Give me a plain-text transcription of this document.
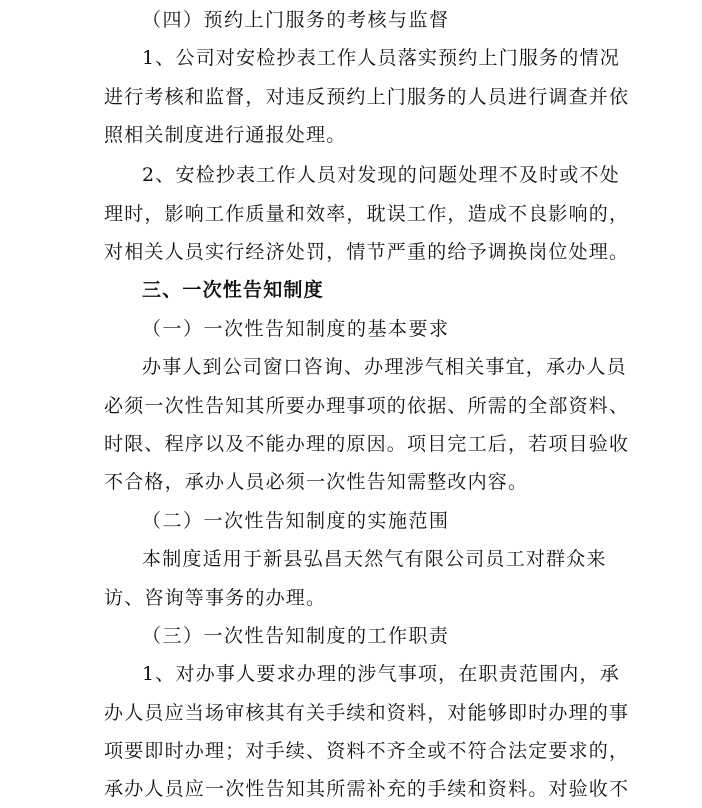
（四）预约上门服务的考核与监督
1、公司对安检抄表工作人员落实预约上门服务的情况
进行考核和监督，对违反预约上门服务的人员进行调查并依
照相关制度进行通报处理。
2、安检抄表工作人员对发现的问题处理不及时或不处
理时，影响工作质量和效率，耽误工作，造成不良影响的，
对相关人员实行经济处罚，情节严重的给予调换岗位处理。
三、一次性告知制度
（一）一次性告知制度的基本要求
办事人到公司窗口咨询、办理涉气相关事宜，承办人员
必须一次性告知其所要办理事项的依据、所需的全部资料、
时限、程序以及不能办理的原因。项目完工后，若项目验收
不合格，承办人员必须一次性告知需整改内容。
（二）一次性告知制度的实施范围
本制度适用于新县弘昌天然气有限公司员工对群众来
访、咨询等事务的办理。
（三）一次性告知制度的工作职责
1、对办事人要求办理的涉气事项，在职责范围内，承
办人员应当场审核其有关手续和资料，对能够即时办理的事
项要即时办理；对手续、资料不齐全或不符合法定要求的，
承办人员应一次性告知其所需补充的手续和资料。对验收不
